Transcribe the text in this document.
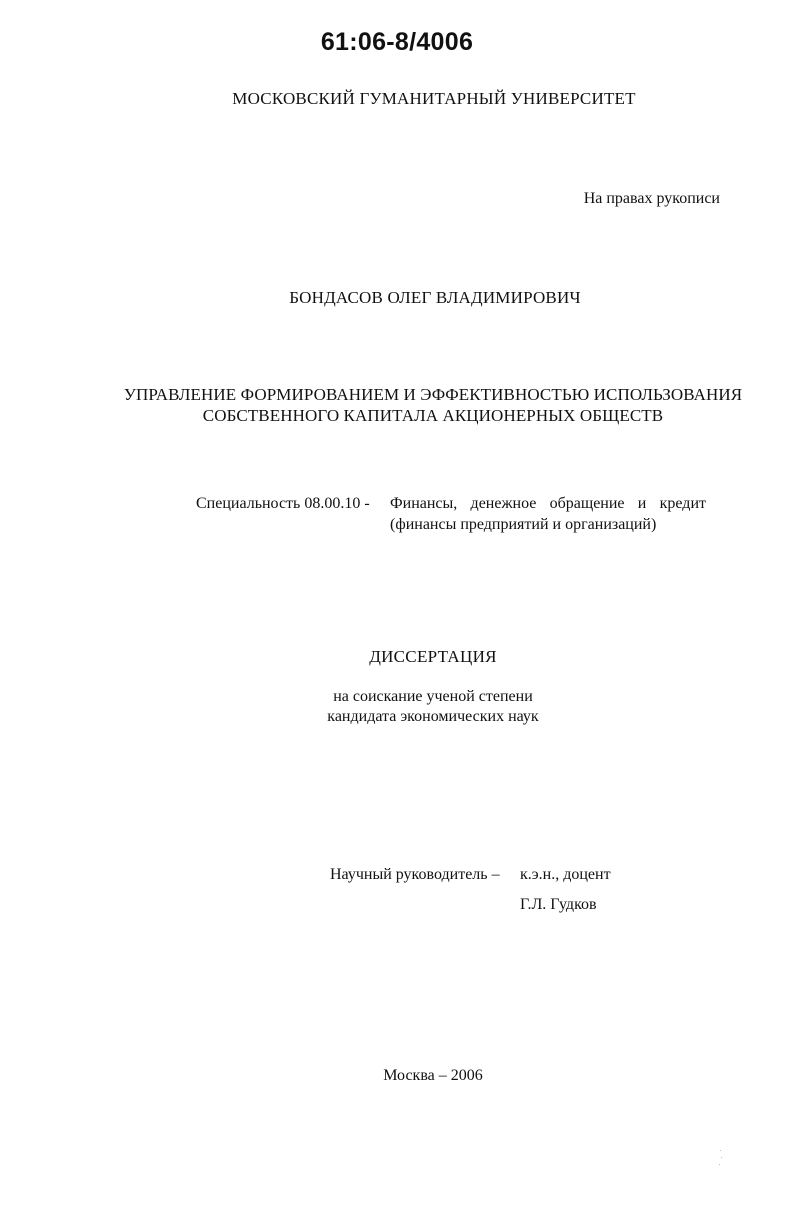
61:06-8/4006
МОСКОВСКИЙ ГУМАНИТАРНЫЙ УНИВЕРСИТЕТ
На правах рукописи
БОНДАСОВ ОЛЕГ ВЛАДИМИРОВИЧ
УПРАВЛЕНИЕ ФОРМИРОВАНИЕМ И ЭФФЕКТИВНОСТЬЮ ИСПОЛЬЗОВАНИЯ
СОБСТВЕННОГО КАПИТАЛА АКЦИОНЕРНЫХ ОБЩЕСТВ
Специальность 08.00.10 - Финансы, денежное обращение и кредит
(финансы предприятий и организаций)
ДИССЕРТАЦИЯ
на соискание ученой степени
кандидата экономических наук
Научный руководитель – к.э.н., доцент
Г.Л. Гудков
Москва – 2006
